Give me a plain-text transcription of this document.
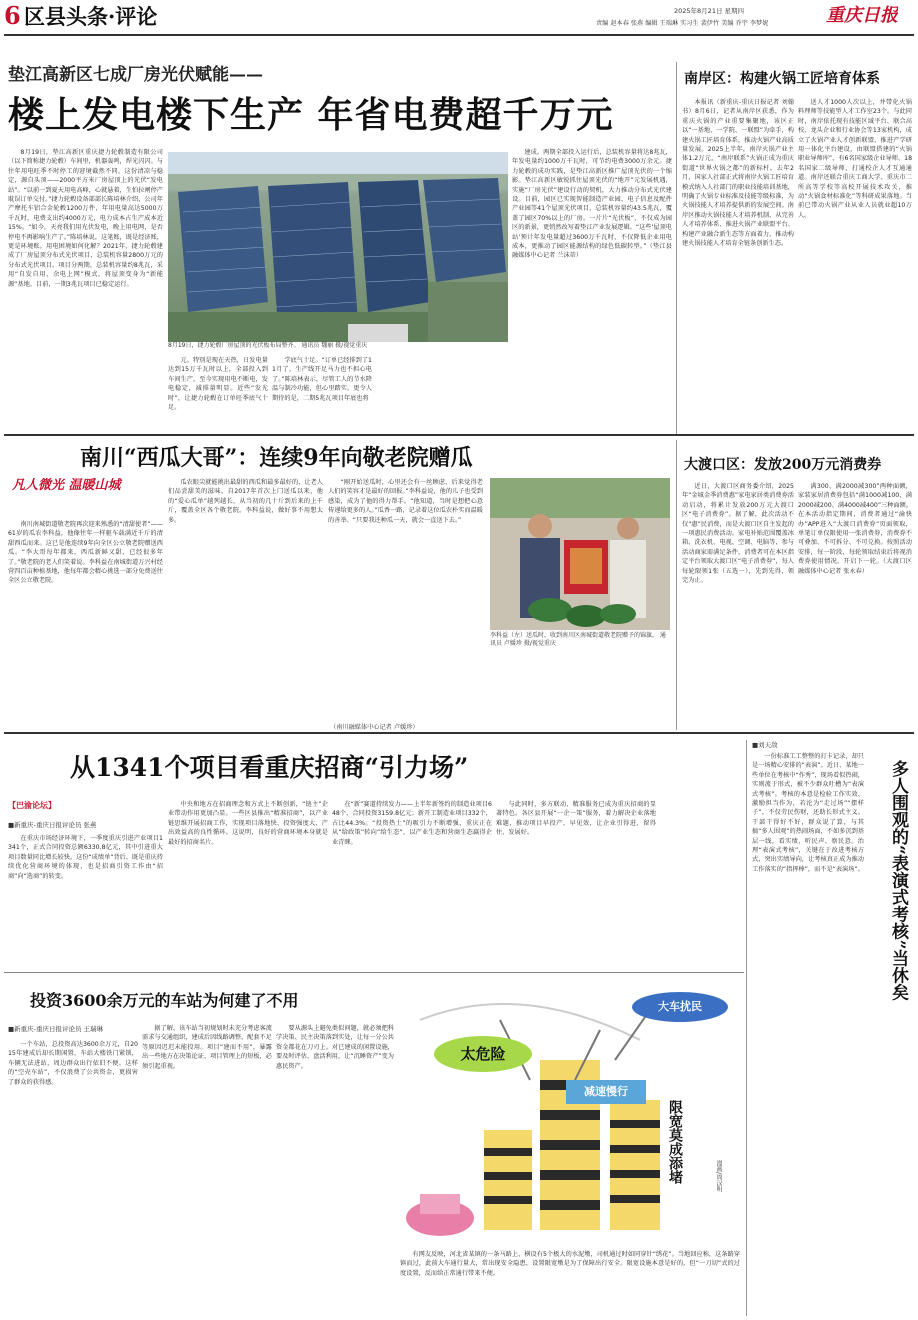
6 区县头条·评论	2025年8月21日 星期四
责编 赵本春 张燕 编辑 王瑞琳 实习生 裴伊竹 美编 乔宇 李梦妮	重庆日报
垫江高新区七成厂房光伏赋能——
楼上发电楼下生产 年省电费超千万元

8月19日，垫江高新区重庆捷力轮毂制造有限公司（以下简称捷力轮毂）车间里，机器轰鸣，焊光闪闪。与往年用电旺季不时停工的窘境截然不同，这份清凉与稳定，源自头顶——2000平方米厂房屋顶上的光伏“发电站”。“以前一到夏天用电高峰，心就悬着，生怕拉闸停产耽误订单交付。”捷力轮毂设备部部长陈培林介绍，公司年产摩托车铝合金轮毂1200万件，年用电量高达5000万千瓦时，电费支出约4000万元，电力成本占生产成本近15%。“如今，天亮我们用光伏发电，晚上用电网，是否停电不再影响生产了。”陈培林说，这笔账，既是经济账，更是环境账。用电困境如何化解？2021年，捷力轮毂建成了厂房屋顶分布式光伏项目，总装机容量2800万元的分布式光伏项目。项目分两期，总装机容量约8兆瓦，采用“自发自用、余电上网”模式，将屋顶变身为“新能源”基地。目前，一期3兆瓦项目已稳定运行。

8月19日，捷力轮毂厂房屋顶的光伏板布局整齐。 通讯员 魏丽 摄/视觉重庆

元。特别是现在天热，日发电量达到15万千瓦时以上，全部投入到车间生产，至今实现用电不断电，发电稳定，减排量明显。近些“发光时”，让捷力轮毂在订单旺季底气十足。

学底气十足。“订单已经排到了11月了，生产线开足马力也不担心电了。”陈培林表示，尽管工人的节水降温与制冷功能，但心里踏实。更令人期待的是，二期5兆瓦项目年底也将

建成。两期全部投入运行后，总装机容量将达8兆瓦，年发电量约1000万千瓦时，可节约电费3000万余元。捷力轮毂的成功实践，是垫江高新区推广屋顶光伏的一个缩影。垫江高新区敏锐抓住屋顶光伏的“地开”元发展机遇，实施“厂房光伏”建设行动的契机，大力推动分布式光伏建设。目前，园区已实现智能制造产业园、电子信息及配件产业园等41个屋顶光伏项目，总装机容量约43.5兆瓦，覆盖了园区70%以上的厂房。一片片“光伏板”，不仅成为园区的新景，更悄然改写着垫江产业发展逻辑。“这些‘屋顶电站’预计年发电量超过3600万千瓦时，不仅降低企业用电成本，更推动了园区能源结构的绿色低碳转型。”（垫江县融媒体中心记者 兰沫蒂）

南岸区：构建火锅工匠培育体系

本报讯（新重庆-重庆日报记者 刘翰书）8月6日，记者从南岸区获悉，作为重庆火锅的产业重要集聚地，该区正以“一基地、一学院、一联盟”为牵手，构建火锅工匠培育体系，推动火锅产业高质量发展。2025上半年，南岸火锅产业主体1.2万元，“南岸联系”火锅正成为重庆街道“世界火锅之都”的新标杆。去年2月，国家人社部正式将南岸火锅工匠培育模式纳入人社部门的职业技能培训基地，明确了火锅专业标准及技能等级标准，为火锅技能人才培养提供新的发展空间。南岸区推动火锅技能人才培养机制，从完善人才培养体系、推进火锅产业联盟平台、构建产业融合新生态等方面着力，推动构建火锅技能人才培育全链条创新生态。

送人才1000人次以上，并带化火锅料理师等技能型人才工作室23个。与此同时，南岸依托现有技能区域平台、联合高校、龙头企业和行业协会等13家机构，成立了火锅产业人才创新联盟，推进产学研用一体化平台建设，由联盟搭建的“火锅职业导师库”，有6名国家级企业导师、18名国家二级导师，打通校企人才互通通道。南岸还联合重庆工商大学、重庆市二所高等学校等高校开展技术攻关，推动“火锅食材标准化”等科研成果落地。当前已带动火锅产业从业人员就业超10万人。

南川“西瓜大哥”：连续9年向敬老院赠瓜
凡人微光 温暖山城

南川南城街道敬老院再次迎来熟悉的“清甜使者”——61岁的瓜农李科益，他像往年一样驱车载满近千斤的清甜西瓜而来。这已是他连续9年向全区公立敬老院赠送西瓜。“李大哥每年都来，西瓜新鲜又甜，已经很多年了。”敬老院的老人们笑着说。李科益在南城街道万兴村经营四百亩种植基地，他每年都会精心挑选一部分免费送往全区公立敬老院。

瓜农眼尖就能挑出最甜的西瓜和最多最好的，让老人们品尝甜美的滋味。自2017年首次上门送瓜以来，他的“爱心瓜单”越列越长，从当初的几十斤到后来的上千斤，覆盖全区各个敬老院。李科益说，做好事不用想太多。

“刚开始送瓜时，心里还会有一丝顾虑，后来觉得老人们的笑容才是最好的回报。”李科益说，他的儿子也受到感染，成为了他的得力帮手。“他知道，当时是想把心意传递给更多的人。”瓜香一路，记录着这位瓜农朴实而温暖的善举。“只要我还种瓜一天，就会一直送下去。”

李科益（左）送瓜时，收到南川区南城街道敬老院赠予的锦旗。 通讯员 卢媛珍 摄/视觉重庆
（南川融媒体中心记者 卢媛珍）
大渡口区：发放200万元消费券

近日，大渡口区商务委介绍，2025年“金城金季消费惠”家电家居类消费券活动启动，将累计发放200万元大渡口区“电子消费券”。据了解，此次活动不仅“惠”民消费，而是大渡口区自主发起的一项惠民消费活动。家电补贴范围覆盖冰箱、洗衣机、电视、空调、电脑等，参与活动商家需满足条件，消费者可在本区指定平台领取大渡口区“电子消费券”，每人每轮限领1张（五选一），先到先得，领完为止。

满300、满2000减300”两种面额，家装家居消费券包括“满1000减100、满2000减200、满4000减400”三种面额。在本活动指定期间，消费者通过“渝快办”APP进入“大渡口消费券”页面领取，单笔订单仅限使用一张消费券，消费券不可叠加、不可拆分、不可兑换。按照活动安排，每一阶段、每轮领取结束后将视消费券使用情况，开启下一轮。（大渡口区融媒体中心记者 张永春）

从1341个项目看重庆招商“引力场”
【巴渝论坛】
■新重庆-重庆日报评论员 张燕

在重庆市场经济环境下，一季度重庆引进产业项目1341个，正式合同投资总额6330.8亿元，其中引进重大项目数量同比增长较快。这份“成绩单”背后，既是重庆持续优化营商环境的体现，也是招商引资工作由“招商”向“选商”的转变。

中央和地方在招商理念和方式上不断创新，“链主”企业带动作用更加凸显。一些区县推出“精准招商”，以产业链思维开展招商工作，实现项目落地快、投资强度大、产出效益高的良性循环。这说明，良好的营商环境本身就是最好的招商名片。

在“新”赛道持续发力——上半年新签约的制造业项目648个，合同投资3159.8亿元；新开工制造业项目332个，占比44.3%。“投资热土”的吸引力不断增强，重庆正在从“给政策”转向“给生态”，以产业生态和营商生态赢得企业青睐。

与此同时，多方联动、精准服务已成为重庆招商的显著特色。各区县开展“一企一策”服务，着力解决企业落地难题，推动项目早投产、早见效，让企业引得进、留得住、发展好。

投资3600余万元的车站为何建了不用
■新重庆-重庆日报评论员 王瑞琳

一个车站，总投资高达3600余万元，自2015年建成后却长期闲置，车站大楼铁门紧锁，车辆无法进站，周边群众出行依旧不便。这样的“空壳车站”，不仅浪费了公共资金，更损害了群众的获得感。

据了解，该车站当初规划时未充分考虑客流需求与交通组织，建成后因线路调整、配套不足等原因迟迟未能投用。项目“建而不用”，暴露出一些地方在决策论证、项目管理上的短板，必须引起重视。

要从源头上避免类似问题，就必须把科学决策、民主决策落到实处，让每一分公共资金都花在刀刃上。对已建成的闲置设施，要及时评估、盘活利用，让“沉睡资产”变为惠民资产。

太危险
大车扰民
减速慢行
限宽莫成添堵	漫画/周汉明

有网友反映，河北省某镇的一条马路上，横设有5个极大的水泥墩，司机通过时如同穿针“绣花”。当地回应称，这条路穿镇而过，此前大车通行量大，常出现安全隐患，设置限宽墩是为了保障出行安全。限宽设施本意是好的，但“一刀切”式的过度设置，反而给正常通行带来不便。

■刘天敌

一份标准工工整整的打卡记录，却只是一场精心安排的“表演”。近日，某地一些单位在考核中“作秀”，现场看似热闹，实则流于形式，被不少群众吐槽为“表演式考核”。考核的本意是检验工作实效、激励担当作为，若沦为“走过场”“摆样子”，不仅劳民伤财，还助长形式主义。干部干得好不好，群众说了算，与其搞“多人围观”的热闹场面，不如多沉到基层一线，看实绩、听民声、察民意。治理“表演式考核”，关键在于改进考核方式，突出实绩导向，让考核真正成为推动工作落实的“指挥棒”，而不是“表演场”。	多人围观的“表演式考核”当休矣
